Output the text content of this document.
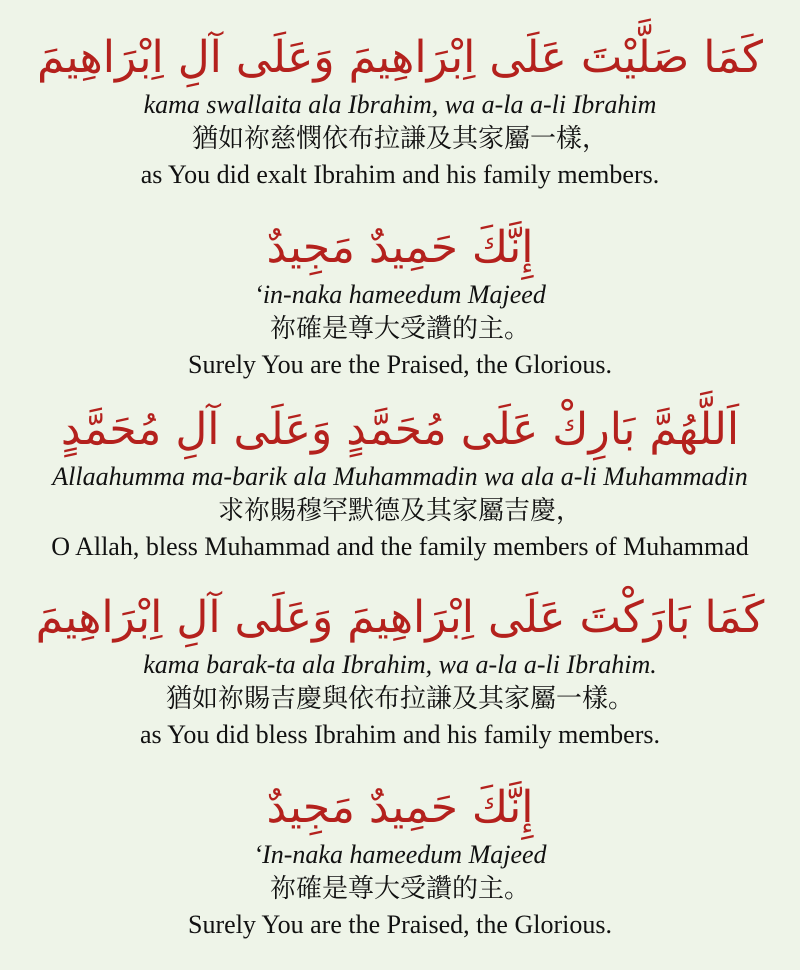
كَمَا صَلَّيْتَ عَلَى اِبْرَاهِيمَ وَعَلَى آلِ اِبْرَاهِيمَ
kama swallaita ala Ibrahim, wa a-la a-li Ibrahim
猶如祢慈憫依布拉謙及其家屬一樣，
as You did exalt Ibrahim and his family members.
إِنَّكَ حَمِيدٌ مَجِيدٌ
‘in-naka hameedum Majeed
祢確是尊大受讚的主。
Surely You are the Praised, the Glorious.
اَللَّهُمَّ بَارِكْ عَلَى مُحَمَّدٍ وَعَلَى آلِ مُحَمَّدٍ
Allaahumma ma-barik ala Muhammadin wa ala a-li Muhammadin
求祢賜穆罕默德及其家屬吉慶，
O Allah, bless Muhammad and the family members of Muhammad
كَمَا بَارَكْتَ عَلَى اِبْرَاهِيمَ وَعَلَى آلِ اِبْرَاهِيمَ
kama barak-ta ala Ibrahim, wa a-la a-li Ibrahim.
猶如祢賜吉慶與依布拉謙及其家屬一樣。
as You did bless Ibrahim and his family members.
إِنَّكَ حَمِيدٌ مَجِيدٌ
‘In-naka hameedum Majeed
祢確是尊大受讚的主。
Surely You are the Praised, the Glorious.
